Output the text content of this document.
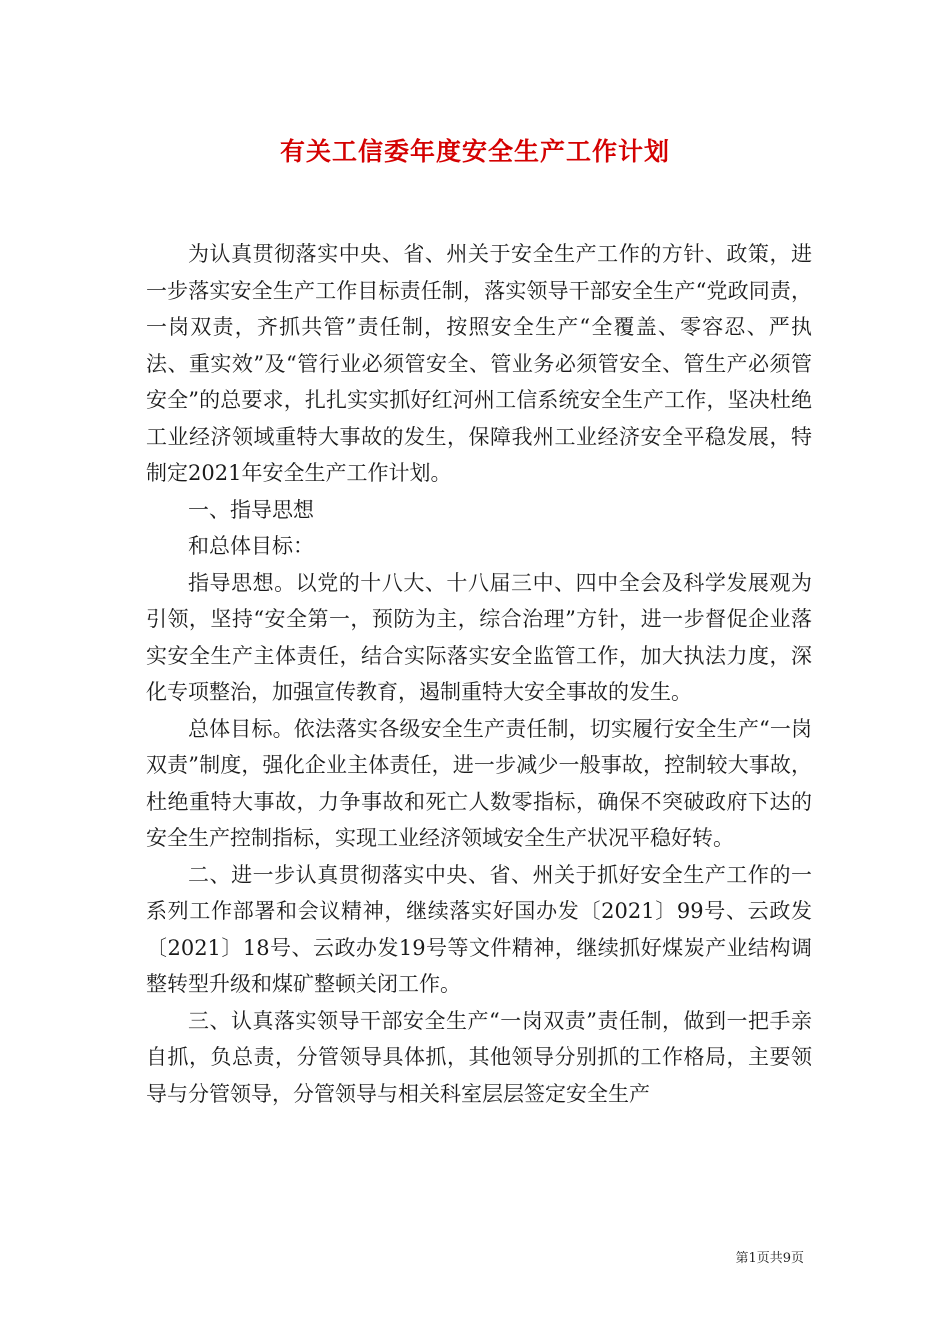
有关工信委年度安全生产工作计划

为认真贯彻落实中央、省、州关于安全生产工作的方针、政策，进一步落实安全生产工作目标责任制，落实领导干部安全生产“党政同责，一岗双责，齐抓共管”责任制，按照安全生产“全覆盖、零容忍、严执法、重实效”及“管行业必须管安全、管业务必须管安全、管生产必须管安全”的总要求，扎扎实实抓好红河州工信系统安全生产工作，坚决杜绝工业经济领域重特大事故的发生，保障我州工业经济安全平稳发展，特制定2021年安全生产工作计划。

一、指导思想

和总体目标：

指导思想。以党的十八大、十八届三中、四中全会及科学发展观为引领，坚持“安全第一，预防为主，综合治理”方针，进一步督促企业落实安全生产主体责任，结合实际落实安全监管工作，加大执法力度，深化专项整治，加强宣传教育，遏制重特大安全事故的发生。

总体目标。依法落实各级安全生产责任制，切实履行安全生产“一岗双责”制度，强化企业主体责任，进一步减少一般事故，控制较大事故，杜绝重特大事故，力争事故和死亡人数零指标，确保不突破政府下达的安全生产控制指标，实现工业经济领域安全生产状况平稳好转。

二、进一步认真贯彻落实中央、省、州关于抓好安全生产工作的一系列工作部署和会议精神，继续落实好国办发〔2021〕99号、云政发〔2021〕18号、云政办发19号等文件精神，继续抓好煤炭产业结构调整转型升级和煤矿整顿关闭工作。

三、认真落实领导干部安全生产“一岗双责”责任制，做到一把手亲自抓，负总责，分管领导具体抓，其他领导分别抓的工作格局，主要领导与分管领导，分管领导与相关科室层层签定安全生产

第1页共9页
